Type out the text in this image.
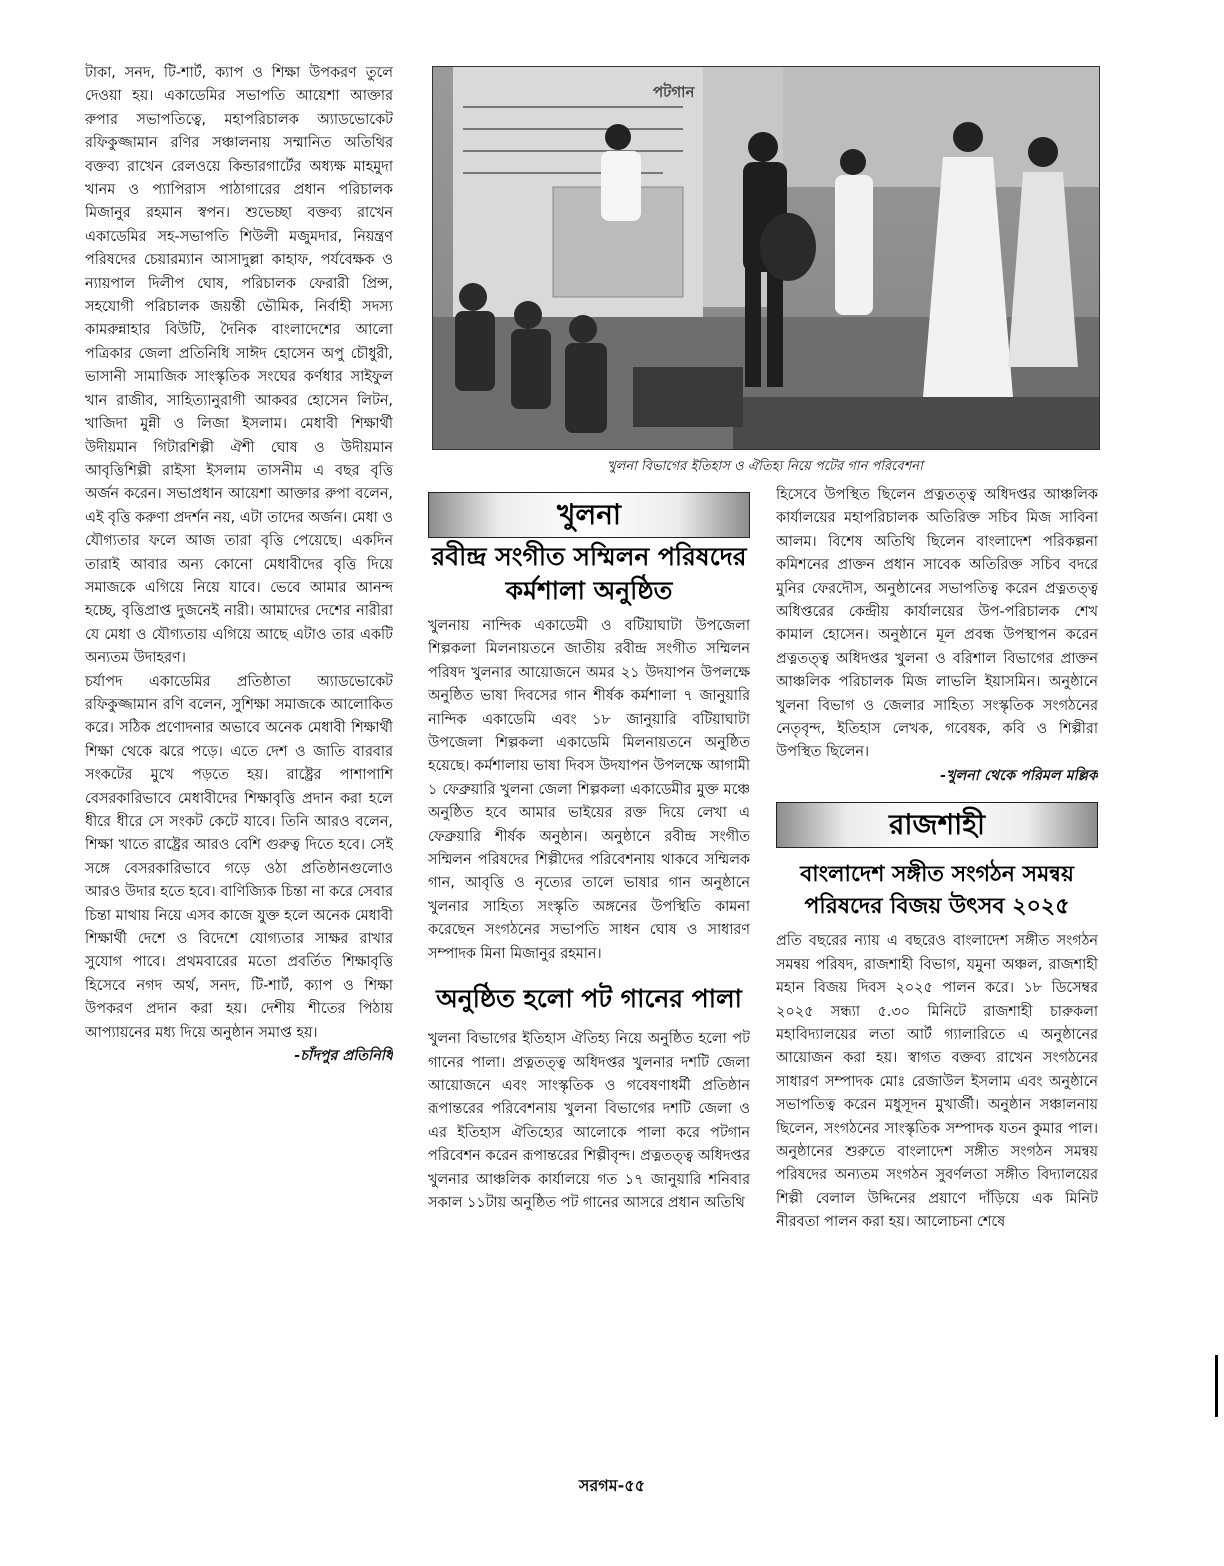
টাকা, সনদ, টি-শার্ট, ক্যাপ ও শিক্ষা উপকরণ তুলে দেওয়া হয়। একাডেমির সভাপতি আয়েশা আক্তার রুপার সভাপতিত্বে, মহাপরিচালক অ্যাডভোকেট রফিকুজ্জামান রণির সঞ্চালনায় সম্মানিত অতিথির বক্তব্য রাখেন রেলওয়ে কিন্ডারগার্টের অধ্যক্ষ মাহমুদা খানম ও প্যাপিরাস পাঠাগারের প্রধান পরিচালক মিজানুর রহমান স্বপন। শুভেচ্ছা বক্তব্য রাখেন একাডেমির সহ-সভাপতি শিউলী মজুমদার, নিয়ন্ত্রণ পরিষদের চেয়ারম্যান আসাদুল্লা কাহাফ, পর্যবেক্ষক ও ন্যায়পাল দিলীপ ঘোষ, পরিচালক ফেরারী প্রিন্স, সহযোগী পরিচালক জয়ন্তী ভৌমিক, নির্বাহী সদস্য কামরুন্নাহার বিউটি, দৈনিক বাংলাদেশের আলো পত্রিকার জেলা প্রতিনিধি সাঈদ হোসেন অপু চৌধুরী, ভাসানী সামাজিক সাংস্কৃতিক সংঘের কর্ণধার সাইফুল খান রাজীব, সাহিত্যানুরাগী আকবর হোসেন লিটন, খাজিদা মুন্নী ও লিজা ইসলাম। মেধাবী শিক্ষার্থী উদীয়মান গিটারশিল্পী ঐশী ঘোষ ও উদীয়মান আবৃত্তিশিল্পী রাইসা ইসলাম তাসনীম এ বছর বৃত্তি অর্জন করেন। সভাপ্রধান আয়েশা আক্তার রুপা বলেন, এই বৃত্তি করুণা প্রদর্শন নয়, এটা তাদের অর্জন। মেধা ও যৌগ্যতার ফলে আজ তারা বৃত্তি পেয়েছে। একদিন তারাই আবার অন্য কোনো মেধাবীদের বৃত্তি দিয়ে সমাজকে এগিয়ে নিয়ে যাবে। ভেবে আমার আনন্দ হচ্ছে, বৃত্তিপ্রাপ্ত দুজনেই নারী। আমাদের দেশের নারীরা যে মেধা ও যৌগ্যতায় এগিয়ে আছে এটাও তার একটি অন্যতম উদাহরণ।

চর্যাপদ একাডেমির প্রতিষ্ঠাতা অ্যাডভোকেট রফিকুজ্জামান রণি বলেন, সুশিক্ষা সমাজকে আলোকিত করে। সঠিক প্রণোদনার অভাবে অনেক মেধাবী শিক্ষার্থী শিক্ষা থেকে ঝরে পড়ে। এতে দেশ ও জাতি বারবার সংকটের মুখে পড়তে হয়। রাষ্ট্রের পাশাপাশি বেসরকারিভাবে মেধাবীদের শিক্ষাবৃত্তি প্রদান করা হলে ধীরে ধীরে সে সংকট কেটে যাবে। তিনি আরও বলেন, শিক্ষা খাতে রাষ্ট্রের আরও বেশি গুরুত্ব দিতে হবে। সেই সঙ্গে বেসরকারিভাবে গড়ে ওঠা প্রতিষ্ঠানগুলোও আরও উদার হতে হবে। বাণিজ্যিক চিন্তা না করে সেবার চিন্তা মাথায় নিয়ে এসব কাজে যুক্ত হলে অনেক মেধাবী শিক্ষার্থী দেশে ও বিদেশে যোগ্যতার সাক্ষর রাখার সুযোগ পাবে। প্রথমবারের মতো প্রবর্তিত শিক্ষাবৃত্তি হিসেবে নগদ অর্থ, সনদ, টি-শার্ট, ক্যাপ ও শিক্ষা উপকরণ প্রদান করা হয়। দেশীয় শীতের পিঠায় আপ্যায়নের মধ্য দিয়ে অনুষ্ঠান সমাপ্ত হয়।

-চাঁদপুর প্রতিনিধি

পটগান
খুলনা বিভাগের ইতিহাস ও ঐতিহ্য নিয়ে পটের গান পরিবেশনা
খুলনা
রবীন্দ্র সংগীত সম্মিলন পরিষদের কর্মশালা অনুষ্ঠিত

খুলনায় নান্দিক একাডেমী ও বটিয়াঘাটা উপজেলা শিল্পকলা মিলনায়তনে জাতীয় রবীন্দ্র সংগীত সম্মিলন পরিষদ খুলনার আয়োজনে অমর ২১ উদযাপন উপলক্ষে অনুষ্ঠিত ভাষা দিবসের গান শীর্ষক কর্মশালা ৭ জানুয়ারি নান্দিক একাডেমি এবং ১৮ জানুয়ারি বটিয়াঘাটা উপজেলা শিল্পকলা একাডেমি মিলনায়তনে অনুষ্ঠিত হয়েছে। কর্মশালায় ভাষা দিবস উদযাপন উপলক্ষে আগামী ১ ফেব্রুয়ারি খুলনা জেলা শিল্পকলা একাডেমীর মুক্ত মঞ্চে অনুষ্ঠিত হবে আমার ভাইয়ের রক্ত দিয়ে লেখা এ ফেব্রুয়ারি শীর্ষক অনুষ্ঠান। অনুষ্ঠানে রবীন্দ্র সংগীত সম্মিলন পরিষদের শিল্পীদের পরিবেশনায় থাকবে সম্মিলক গান, আবৃত্তি ও নৃত্যের তালে ভাষার গান অনুষ্ঠানে খুলনার সাহিত্য সংস্কৃতি অঙ্গনের উপস্থিতি কামনা করেছেন সংগঠনের সভাপতি সাধন ঘোষ ও সাধারণ সম্পাদক মিনা মিজানুর রহমান।

অনুষ্ঠিত হলো পট গানের পালা

খুলনা বিভাগের ইতিহাস ঐতিহ্য নিয়ে অনুষ্ঠিত হলো পট গানের পালা। প্রত্নতত্ত্ব অধিদপ্তর খুলনার দশটি জেলা আয়োজনে এবং সাংস্কৃতিক ও গবেষণাধর্মী প্রতিষ্ঠান রূপান্তরের পরিবেশনায় খুলনা বিভাগের দশটি জেলা ও এর ইতিহাস ঐতিহ্যের আলোকে পালা করে পটগান পরিবেশন করেন রূপান্তরের শিল্পীবৃন্দ। প্রত্নতত্ত্ব অধিদপ্তর খুলনার আঞ্চলিক কার্যালয়ে গত ১৭ জানুয়ারি শনিবার সকাল ১১টায় অনুষ্ঠিত পট গানের আসরে প্রধান অতিথি

হিসেবে উপস্থিত ছিলেন প্রত্নতত্ত্ব অধিদপ্তর আঞ্চলিক কার্যালয়ের মহাপরিচালক অতিরিক্ত সচিব মিজ সাবিনা আলম। বিশেষ অতিথি ছিলেন বাংলাদেশ পরিকল্পনা কমিশনের প্রাক্তন প্রধান সাবেক অতিরিক্ত সচিব বদরে মুনির ফেরদৌস, অনুষ্ঠানের সভাপতিত্ব করেন প্রত্নতত্ত্ব অধিপ্তরের কেন্দ্রীয় কার্যালয়ের উপ-পরিচালক শেখ কামাল হোসেন। অনুষ্ঠানে মূল প্রবন্ধ উপস্থাপন করেন প্রত্নতত্ত্ব অধিদপ্তর খুলনা ও বরিশাল বিভাগের প্রাক্তন আঞ্চলিক পরিচালক মিজ লাভলি ইয়াসমিন। অনুষ্ঠানে খুলনা বিভাগ ও জেলার সাহিত্য সংস্কৃতিক সংগঠনের নেতৃবৃন্দ, ইতিহাস লেখক, গবেষক, কবি ও শিল্পীরা উপস্থিত ছিলেন।

-খুলনা থেকে পরিমল মল্লিক

রাজশাহী
বাংলাদেশ সঙ্গীত সংগঠন সমন্বয় পরিষদের বিজয় উৎসব ২০২৫

প্রতি বছরের ন্যায় এ বছরেও বাংলাদেশ সঙ্গীত সংগঠন সমন্বয় পরিষদ, রাজশাহী বিভাগ, যমুনা অঞ্চল, রাজশাহী মহান বিজয় দিবস ২০২৫ পালন করে। ১৮ ডিসেম্বর ২০২৫ সন্ধ্যা ৫.৩০ মিনিটে রাজশাহী চারুকলা মহাবিদ্যালয়ের লতা আর্ট গ্যালারিতে এ অনুষ্ঠানের আয়োজন করা হয়। স্বাগত বক্তব্য রাখেন সংগঠনের সাধারণ সম্পাদক মোঃ রেজাউল ইসলাম এবং অনুষ্ঠানে সভাপতিত্ব করেন মধুসূদন মুখার্জী। অনুষ্ঠান সঞ্চালনায় ছিলেন, সংগঠনের সাংস্কৃতিক সম্পাদক যতন কুমার পাল। অনুষ্ঠানের শুরুতে বাংলাদেশ সঙ্গীত সংগঠন সমন্বয় পরিষদের অন্যতম সংগঠন সুবর্ণলতা সঙ্গীত বিদ্যালয়ের শিল্পী বেলাল উদ্দিনের প্রয়াণে দাঁড়িয়ে এক মিনিট নীরবতা পালন করা হয়। আলোচনা শেষে

সরগম-৫৫
